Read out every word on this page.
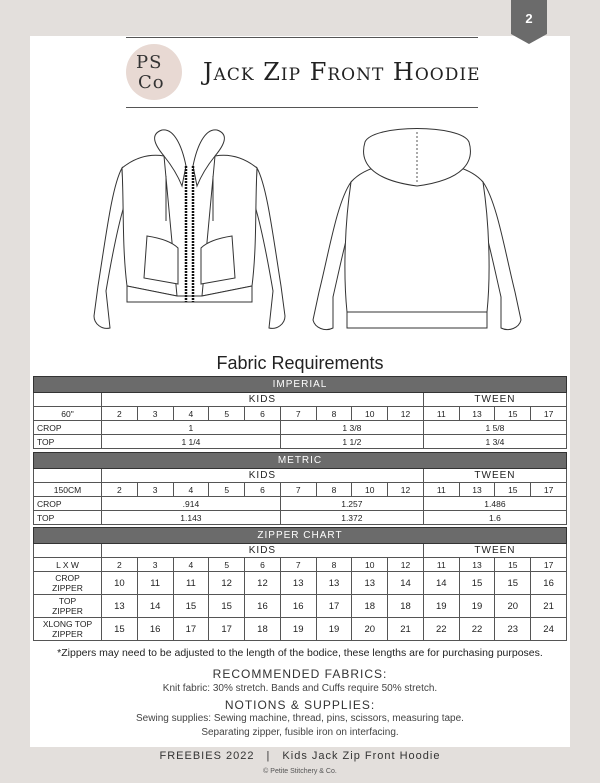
2
PS
Co Jack Zip Front Hoodie
Fabric Requirements
IMPERIAL													
	KIDS									TWEEN			
60"	2	3	4	5	6	7	8	10	12	11	13	15	17
CROP	1					1 3/8				1 5/8			
TOP	1 1/4					1 1/2				1 3/4			
METRIC													
	KIDS									TWEEN			
150CM	2	3	4	5	6	7	8	10	12	11	13	15	17
CROP	.914					1.257				1.486			
TOP	1.143					1.372				1.6			
ZIPPER CHART													
	KIDS									TWEEN			
L X W	2	3	4	5	6	7	8	10	12	11	13	15	17
CROP
ZIPPER	10	11	11	12	12	13	13	13	14	14	15	15	16
TOP
ZIPPER	13	14	15	15	16	16	17	18	18	19	19	20	21
XLONG TOP
ZIPPER	15	16	17	17	18	19	19	20	21	22	22	23	24
*Zippers may need to be adjusted to the length of the bodice, these lengths are for purchasing purposes.
RECOMMENDED FABRICS:
Knit fabric: 30% stretch. Bands and Cuffs require 50% stretch.
NOTIONS & SUPPLIES:
Sewing supplies: Sewing machine, thread, pins, scissors, measuring tape.
Separating zipper, fusible iron on interfacing.
FREEBIES 2022 | Kids Jack Zip Front Hoodie
© Petite Stitchery & Co.
